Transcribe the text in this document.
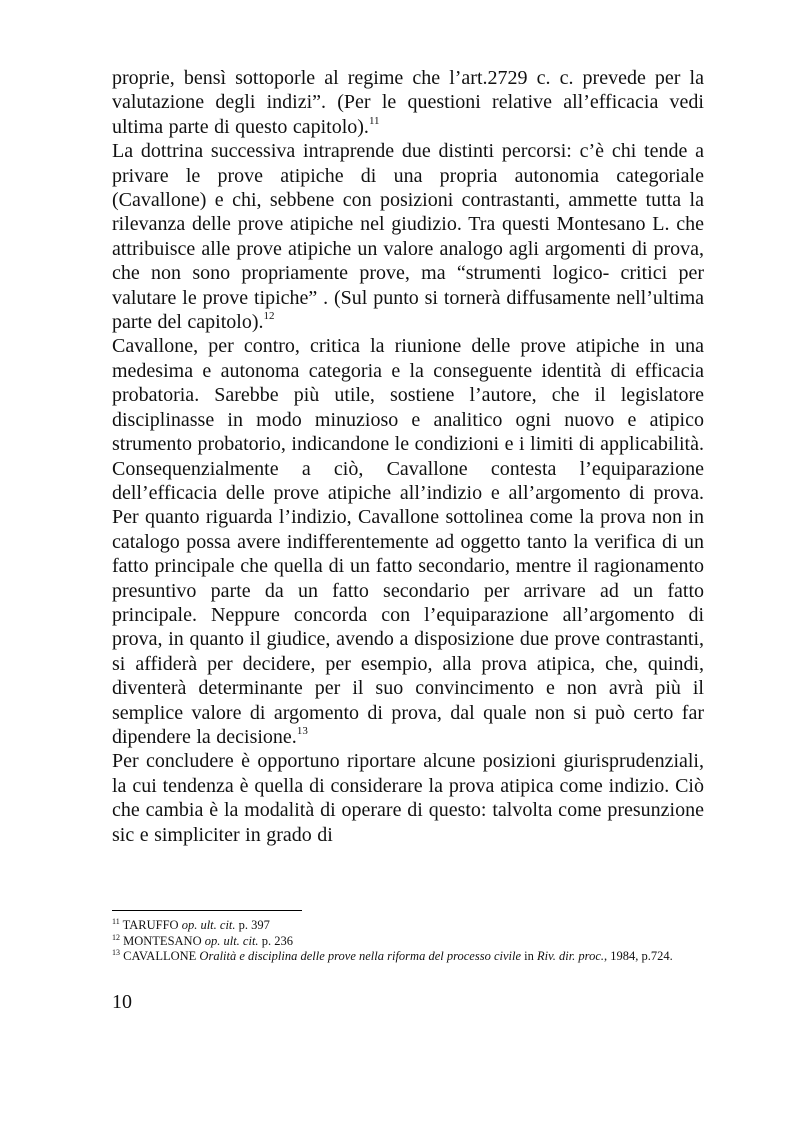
proprie, bensì sottoporle al regime che l’art.2729 c. c. prevede per la valutazione degli indizi”. (Per le questioni relative all’efficacia vedi ultima parte di questo capitolo).$^{11}$

La dottrina successiva intraprende due distinti percorsi: c’è chi tende a privare le prove atipiche di una propria autonomia categoriale (Cavallone) e chi, sebbene con posizioni contrastanti, ammette tutta la rilevanza delle prove atipiche nel giudizio. Tra questi Montesano L. che attribuisce alle prove atipiche un valore analogo agli argomenti di prova, che non sono propriamente prove, ma “strumenti logico- critici per valutare le prove tipiche” . (Sul punto si tornerà diffusamente nell’ultima parte del capitolo).$^{12}$

Cavallone, per contro, critica la riunione delle prove atipiche in una medesima e autonoma categoria e la conseguente identità di efficacia probatoria. Sarebbe più utile, sostiene l’autore, che il legislatore disciplinasse in modo minuzioso e analitico ogni nuovo e atipico strumento probatorio, indicandone le condizioni e i limiti di applicabilità. Consequenzialmente a ciò, Cavallone contesta l’equiparazione dell’efficacia delle prove atipiche all’indizio e all’argomento di prova. Per quanto riguarda l’indizio, Cavallone sottolinea come la prova non in catalogo possa avere indifferentemente ad oggetto tanto la verifica di un fatto principale che quella di un fatto secondario, mentre il ragionamento presuntivo parte da un fatto secondario per arrivare ad un fatto principale. Neppure concorda con l’equiparazione all’argomento di prova, in quanto il giudice, avendo a disposizione due prove contrastanti, si affiderà per decidere, per esempio, alla prova atipica, che, quindi, diventerà determinante per il suo convincimento e non avrà più il semplice valore di argomento di prova, dal quale non si può certo far dipendere la decisione.$^{13}$

Per concludere è opportuno riportare alcune posizioni giurisprudenziali, la cui tendenza è quella di considerare la prova atipica come indizio. Ciò che cambia è la modalità di operare di questo: talvolta come presunzione sic e simpliciter in grado di

$^{11}$ TARUFFO op. ult. cit. p. 397

$^{12}$ MONTESANO op. ult. cit. p. 236

$^{13}$ CAVALLONE Oralità e disciplina delle prove nella riforma del processo civile in Riv. dir. proc., 1984, p.724.

10
